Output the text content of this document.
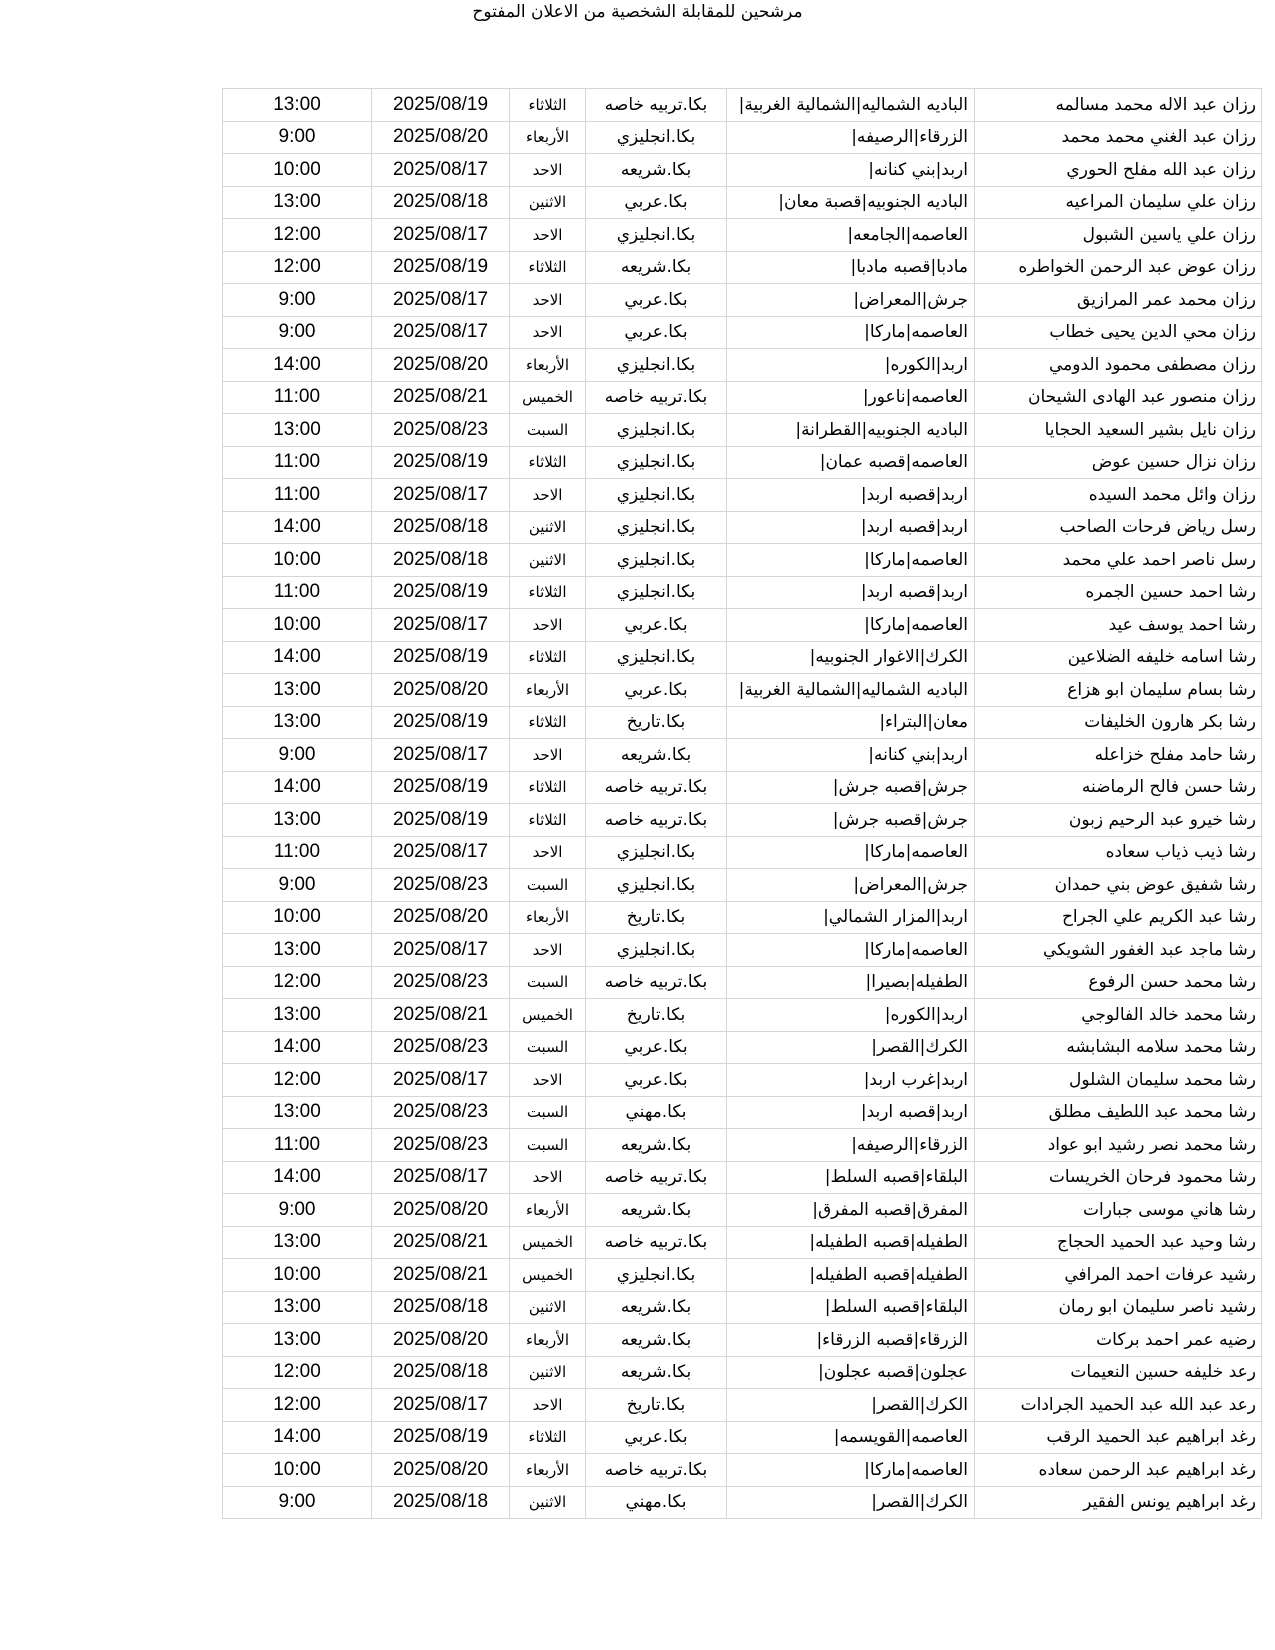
مرشحين للمقابلة الشخصية من الاعلان المفتوح
رزان عبد الاله محمد مسالمه	الباديه الشماليه|الشمالية الغربية|	بكا.تربيه خاصه	الثلاثاء	2025/08/19	13:00
رزان عبد الغني محمد محمد	الزرقاء|الرصيفه|	بكا.انجليزي	الأربعاء	2025/08/20	9:00
رزان عبد الله مفلح الحوري	اربد|بني كنانه|	بكا.شريعه	الاحد	2025/08/17	10:00
رزان علي سليمان المراعيه	الباديه الجنوبيه|قصبة معان|	بكا.عربي	الاثنين	2025/08/18	13:00
رزان علي ياسين الشبول	العاصمه|الجامعه|	بكا.انجليزي	الاحد	2025/08/17	12:00
رزان عوض عبد الرحمن الخواطره	مادبا|قصبه مادبا|	بكا.شريعه	الثلاثاء	2025/08/19	12:00
رزان محمد عمر المرازيق	جرش|المعراض|	بكا.عربي	الاحد	2025/08/17	9:00
رزان محي الدين يحيى خطاب	العاصمه|ماركا|	بكا.عربي	الاحد	2025/08/17	9:00
رزان مصطفى محمود الدومي	اربد|الكوره|	بكا.انجليزي	الأربعاء	2025/08/20	14:00
رزان منصور عبد الهادى الشيحان	العاصمه|ناعور|	بكا.تربيه خاصه	الخميس	2025/08/21	11:00
رزان نايل بشير السعيد الحجايا	الباديه الجنوبيه|القطرانة|	بكا.انجليزي	السبت	2025/08/23	13:00
رزان نزال حسين عوض	العاصمه|قصبه عمان|	بكا.انجليزي	الثلاثاء	2025/08/19	11:00
رزان وائل محمد السيده	اربد|قصبه اربد|	بكا.انجليزي	الاحد	2025/08/17	11:00
رسل رياض فرحات الصاحب	اربد|قصبه اربد|	بكا.انجليزي	الاثنين	2025/08/18	14:00
رسل ناصر احمد علي محمد	العاصمه|ماركا|	بكا.انجليزي	الاثنين	2025/08/18	10:00
رشا احمد حسين الجمره	اربد|قصبه اربد|	بكا.انجليزي	الثلاثاء	2025/08/19	11:00
رشا احمد يوسف عيد	العاصمه|ماركا|	بكا.عربي	الاحد	2025/08/17	10:00
رشا اسامه خليفه الضلاعين	الكرك|الاغوار الجنوبيه|	بكا.انجليزي	الثلاثاء	2025/08/19	14:00
رشا بسام سليمان ابو هزاع	الباديه الشماليه|الشمالية الغربية|	بكا.عربي	الأربعاء	2025/08/20	13:00
رشا بكر هارون الخليفات	معان|البتراء|	بكا.تاريخ	الثلاثاء	2025/08/19	13:00
رشا حامد مفلح خزاعله	اربد|بني كنانه|	بكا.شريعه	الاحد	2025/08/17	9:00
رشا حسن فالح الرماضنه	جرش|قصبه جرش|	بكا.تربيه خاصه	الثلاثاء	2025/08/19	14:00
رشا خيرو عبد الرحيم زبون	جرش|قصبه جرش|	بكا.تربيه خاصه	الثلاثاء	2025/08/19	13:00
رشا ذيب ذياب سعاده	العاصمه|ماركا|	بكا.انجليزي	الاحد	2025/08/17	11:00
رشا شفيق عوض بني حمدان	جرش|المعراض|	بكا.انجليزي	السبت	2025/08/23	9:00
رشا عبد الكريم علي الجراح	اربد|المزار الشمالي|	بكا.تاريخ	الأربعاء	2025/08/20	10:00
رشا ماجد عبد الغفور الشويكي	العاصمه|ماركا|	بكا.انجليزي	الاحد	2025/08/17	13:00
رشا محمد حسن الرفوع	الطفيله|بصيرا|	بكا.تربيه خاصه	السبت	2025/08/23	12:00
رشا محمد خالد الفالوجي	اربد|الكوره|	بكا.تاريخ	الخميس	2025/08/21	13:00
رشا محمد سلامه البشابشه	الكرك|القصر|	بكا.عربي	السبت	2025/08/23	14:00
رشا محمد سليمان الشلول	اربد|غرب اربد|	بكا.عربي	الاحد	2025/08/17	12:00
رشا محمد عبد اللطيف مطلق	اربد|قصبه اربد|	بكا.مهني	السبت	2025/08/23	13:00
رشا محمد نصر رشيد ابو عواد	الزرقاء|الرصيفه|	بكا.شريعه	السبت	2025/08/23	11:00
رشا محمود فرحان الخريسات	البلقاء|قصبه السلط|	بكا.تربيه خاصه	الاحد	2025/08/17	14:00
رشا هاني موسى جبارات	المفرق|قصبه المفرق|	بكا.شريعه	الأربعاء	2025/08/20	9:00
رشا وحيد عبد الحميد الحجاج	الطفيله|قصبه الطفيله|	بكا.تربيه خاصه	الخميس	2025/08/21	13:00
رشيد عرفات احمد المرافي	الطفيله|قصبه الطفيله|	بكا.انجليزي	الخميس	2025/08/21	10:00
رشيد ناصر سليمان ابو رمان	البلقاء|قصبه السلط|	بكا.شريعه	الاثنين	2025/08/18	13:00
رضيه عمر احمد بركات	الزرقاء|قصبه الزرقاء|	بكا.شريعه	الأربعاء	2025/08/20	13:00
رعد خليفه حسين النعيمات	عجلون|قصبه عجلون|	بكا.شريعه	الاثنين	2025/08/18	12:00
رعد عبد الله عبد الحميد الجرادات	الكرك|القصر|	بكا.تاريخ	الاحد	2025/08/17	12:00
رغد ابراهيم عبد الحميد الرقب	العاصمه|القويسمه|	بكا.عربي	الثلاثاء	2025/08/19	14:00
رغد ابراهيم عبد الرحمن سعاده	العاصمه|ماركا|	بكا.تربيه خاصه	الأربعاء	2025/08/20	10:00
رغد ابراهيم يونس الفقير	الكرك|القصر|	بكا.مهني	الاثنين	2025/08/18	9:00
